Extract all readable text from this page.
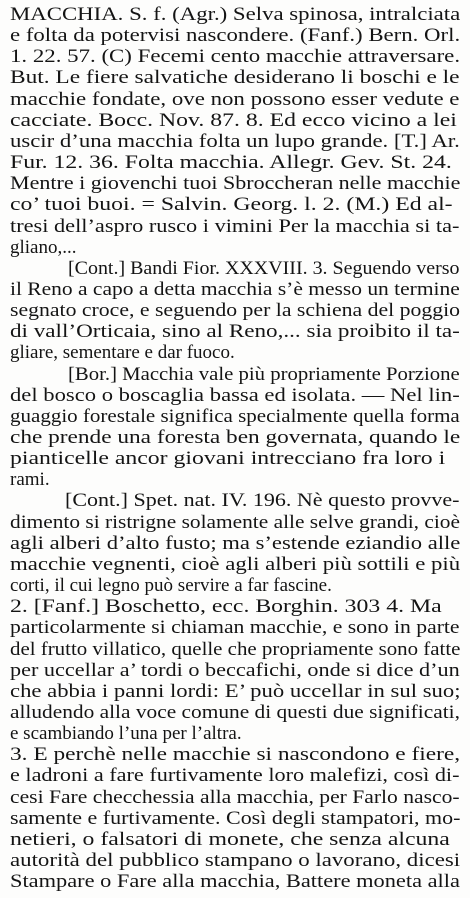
MACCHIA. S. f. (Agr.) Selva spinosa, intralciata
e folta da potervisi nascondere. (Fanf.) Bern. Orl.
1. 22. 57. (C) Fecemi cento macchie attraversare.
But. Le fiere salvatiche desiderano li boschi e le
macchie fondate, ove non possono esser vedute e
cacciate. Bocc. Nov. 87. 8. Ed ecco vicino a lei
uscir d’una macchia folta un lupo grande. [T.] Ar.
Fur. 12. 36. Folta macchia. Allegr. Gev. St. 24.
Mentre i giovenchi tuoi Sbroccheran nelle macchie
co’ tuoi buoi. = Salvin. Georg. l. 2. (M.) Ed al-
tresi dell’aspro rusco i vimini Per la macchia si ta-
gliano,...
[Cont.] Bandi Fior. XXXVIII. 3. Seguendo verso
il Reno a capo a detta macchia s’è messo un termine
segnato croce, e seguendo per la schiena del poggio
di vall’Orticaia, sino al Reno,... sia proibito il ta-
gliare, sementare e dar fuoco.
[Bor.] Macchia vale più propriamente Porzione
del bosco o boscaglia bassa ed isolata. — Nel lin-
guaggio forestale significa specialmente quella forma
che prende una foresta ben governata, quando le
pianticelle ancor giovani intrecciano fra loro i
rami.
[Cont.] Spet. nat. IV. 196. Nè questo provve-
dimento si ristrigne solamente alle selve grandi, cioè
agli alberi d’alto fusto; ma s’estende eziandio alle
macchie vegnenti, cioè agli alberi più sottili e più
corti, il cui legno può servire a far fascine.
2. [Fanf.] Boschetto, ecc. Borghin. 303 4. Ma
particolarmente si chiaman macchie, e sono in parte
del frutto villatico, quelle che propriamente sono fatte
per uccellar a’ tordi o beccafichi, onde si dice d’un
che abbia i panni lordi: E’ può uccellar in sul suo;
alludendo alla voce comune di questi due significati,
e scambiando l’una per l’altra.
3. E perchè nelle macchie si nascondono e fiere,
e ladroni a fare furtivamente loro malefizi, così di-
cesi Fare checchessia alla macchia, per Farlo nasco-
samente e furtivamente. Così degli stampatori, mo-
netieri, o falsatori di monete, che senza alcuna
autorità del pubblico stampano o lavorano, dicesi
Stampare o Fare alla macchia, Battere moneta alla
